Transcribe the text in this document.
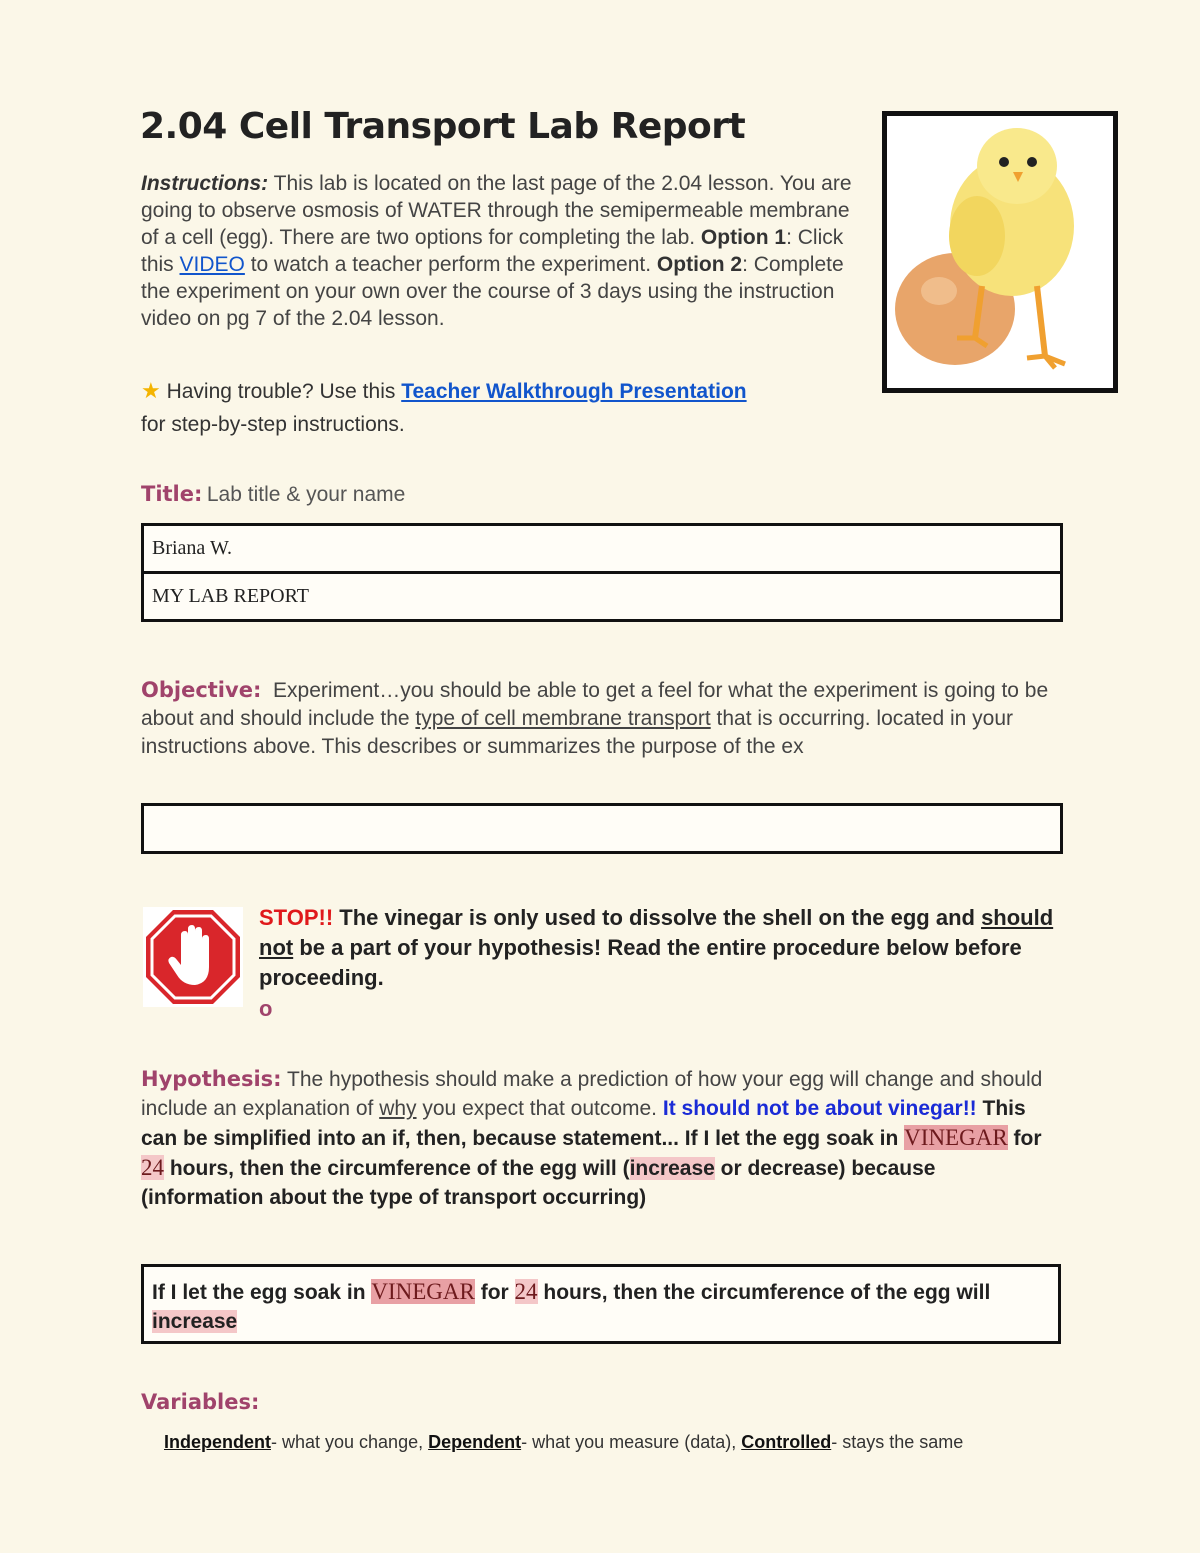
2.04 Cell Transport Lab Report
Instructions: This lab is located on the last page of the 2.04 lesson. You are going to observe osmosis of WATER through the semipermeable membrane of a cell (egg). There are two options for completing the lab. Option 1: Click this VIDEO to watch a teacher perform the experiment. Option 2: Complete the experiment on your own over the course of 3 days using the instruction video on pg 7 of the 2.04 lesson.
★ Having trouble? Use this Teacher Walkthrough Presentation
for step-by-step instructions.
Title: Lab title & your name
Briana W.
MY LAB REPORT
Objective: Experiment…you should be able to get a feel for what the experiment is going to be about and should include the type of cell membrane transport that is occurring. located in your instructions above. This describes or summarizes the purpose of the ex
STOP!! The vinegar is only used to dissolve the shell on the egg and should not be a part of your hypothesis! Read the entire procedure below before proceeding.
o
Hypothesis: The hypothesis should make a prediction of how your egg will change and should include an explanation of why you expect that outcome. It should not be about vinegar!! This can be simplified into an if, then, because statement... If I let the egg soak in VINEGAR for 24 hours, then the circumference of the egg will (increase or decrease) because (information about the type of transport occurring)
If I let the egg soak in VINEGAR for 24 hours, then the circumference of the egg will increase
Variables:
Independent- what you change, Dependent- what you measure (data), Controlled- stays the same
